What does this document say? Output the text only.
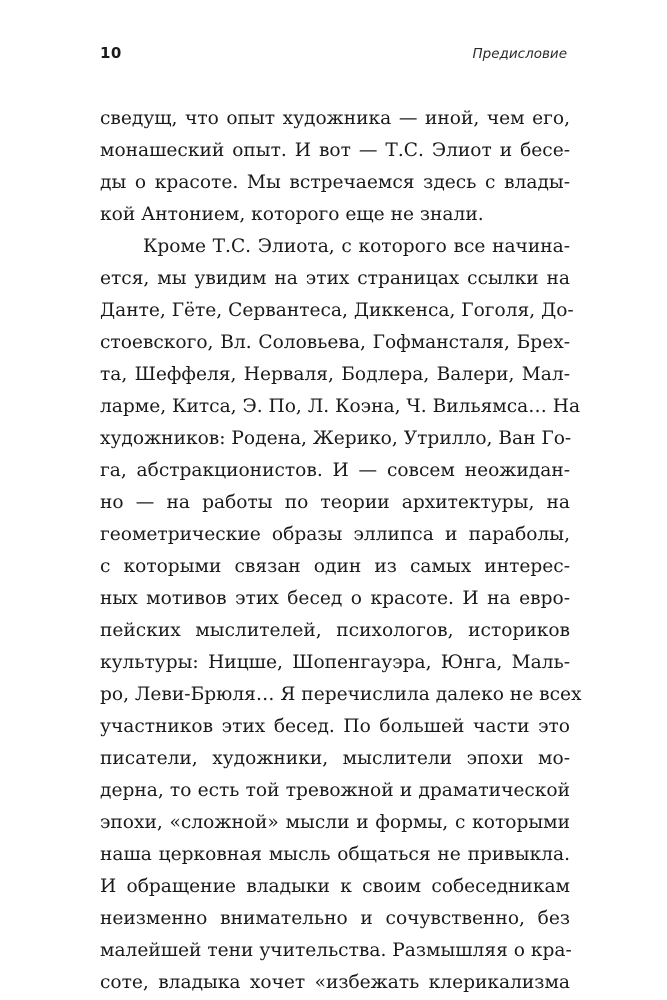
10	Предисловие
сведущ, что опыт художника — иной, чем его,
монашеский опыт. И вот — Т.С. Элиот и бесе-
ды о красоте. Мы встречаемся здесь с влады-
кой Антонием, которого еще не знали.
Кроме Т.С. Элиота, с которого все начина-
ется, мы увидим на этих страницах ссылки на
Данте, Гёте, Сервантеса, Диккенса, Гоголя, До-
стоевского, Вл. Соловьева, Гофмансталя, Брех-
та, Шеффеля, Нерваля, Бодлера, Валери, Мал-
ларме, Китса, Э. По, Л. Коэна, Ч. Вильямса… На
художников: Родена, Жерико, Утрилло, Ван Го-
га, абстракционистов. И — совсем неожидан-
но — на работы по теории архитектуры, на
геометрические образы эллипса и параболы,
с которыми связан один из самых интерес-
ных мотивов этих бесед о красоте. И на евро-
пейских мыслителей, психологов, историков
культуры: Ницше, Шопенгауэра, Юнга, Маль-
ро, Леви-Брюля… Я перечислила далеко не всех
участников этих бесед. По большей части это
писатели, художники, мыслители эпохи мо-
дерна, то есть той тревожной и драматической
эпохи, «сложной» мысли и формы, с которыми
наша церковная мысль общаться не привыкла.
И обращение владыки к своим собеседникам
неизменно внимательно и сочувственно, без
малейшей тени учительства. Размышляя о кра-
соте, владыка хочет «избежать клерикализма
